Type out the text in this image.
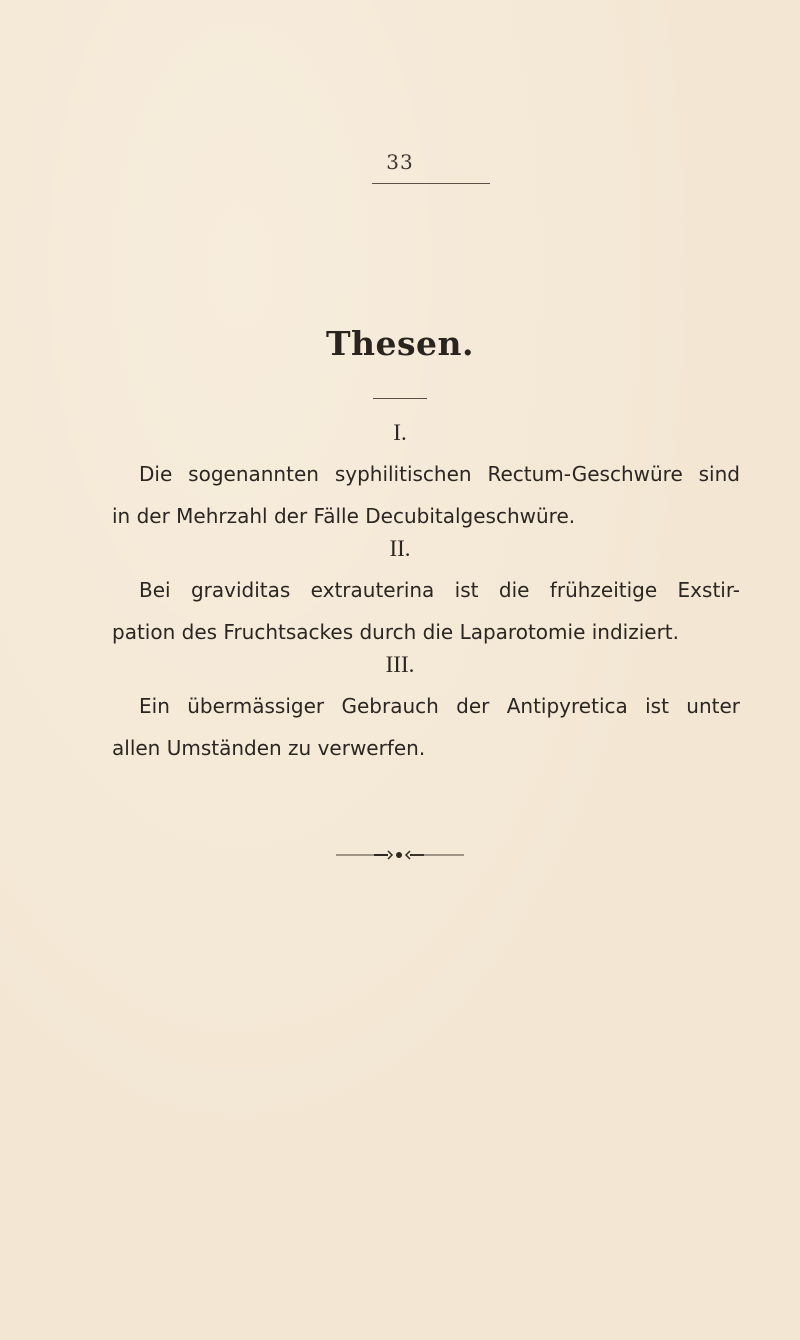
33
Thesen.
I.
Die sogenannten syphilitischen Rectum-Geschwüre sind
in der Mehrzahl der Fälle Decubitalgeschwüre.
II.
Bei graviditas extrauterina ist die frühzeitige Exstir-
pation des Fruchtsackes durch die Laparotomie indiziert.
III.
Ein übermässiger Gebrauch der Antipyretica ist unter
allen Umständen zu verwerfen.
